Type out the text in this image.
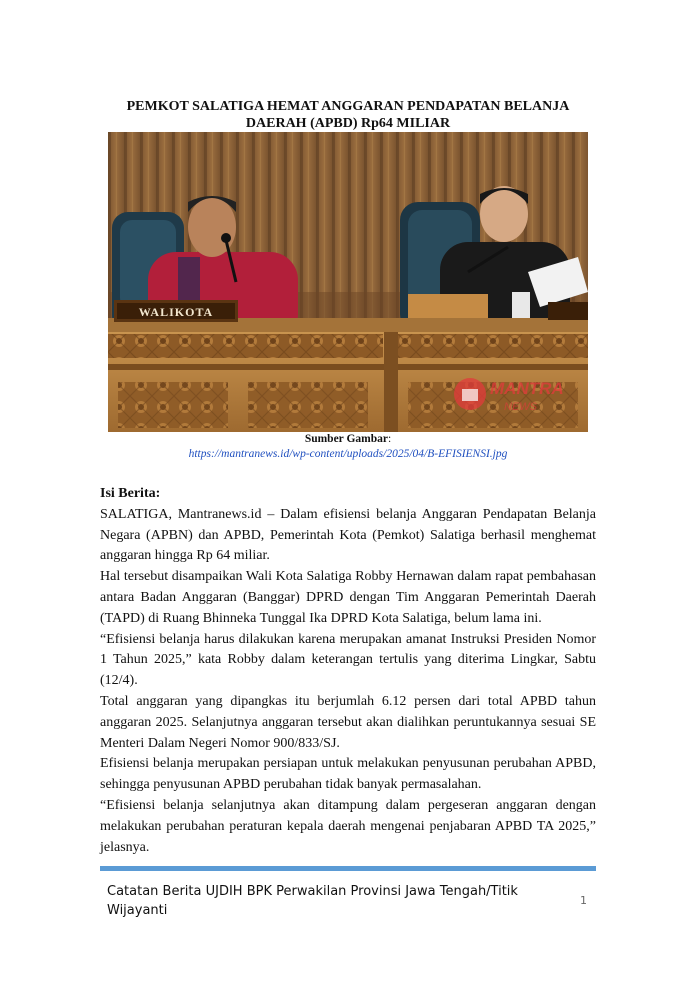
PEMKOT SALATIGA HEMAT ANGGARAN PENDAPATAN BELANJA DAERAH (APBD) Rp64 MILIAR
WALIKOTA
MANTRA
NEWS
Sumber Gambar:
https://mantranews.id/wp-content/uploads/2025/04/B-EFISIENSI.jpg
Isi Berita:

SALATIGA, Mantranews.id – Dalam efisiensi belanja Anggaran Pendapatan Belanja Negara (APBN) dan APBD, Pemerintah Kota (Pemkot) Salatiga berhasil menghemat anggaran hingga Rp 64 miliar.

Hal tersebut disampaikan Wali Kota Salatiga Robby Hernawan dalam rapat pembahasan antara Badan Anggaran (Banggar) DPRD dengan Tim Anggaran Pemerintah Daerah (TAPD) di Ruang Bhinneka Tunggal Ika DPRD Kota Salatiga, belum lama ini.

“Efisiensi belanja harus dilakukan karena merupakan amanat Instruksi Presiden Nomor 1 Tahun 2025,” kata Robby dalam keterangan tertulis yang diterima Lingkar, Sabtu (12/4).

Total anggaran yang dipangkas itu berjumlah 6.12 persen dari total APBD tahun anggaran 2025. Selanjutnya anggaran tersebut akan dialihkan peruntukannya sesuai SE Menteri Dalam Negeri Nomor 900/833/SJ.

Efisiensi belanja merupakan persiapan untuk melakukan penyusunan perubahan APBD, sehingga penyusunan APBD perubahan tidak banyak permasalahan.

“Efisiensi belanja selanjutnya akan ditampung dalam pergeseran anggaran dengan melakukan perubahan peraturan kepala daerah mengenai penjabaran APBD TA 2025,” jelasnya.

Catatan Berita UJDIH BPK Perwakilan Provinsi Jawa Tengah/Titik Wijayanti
1
